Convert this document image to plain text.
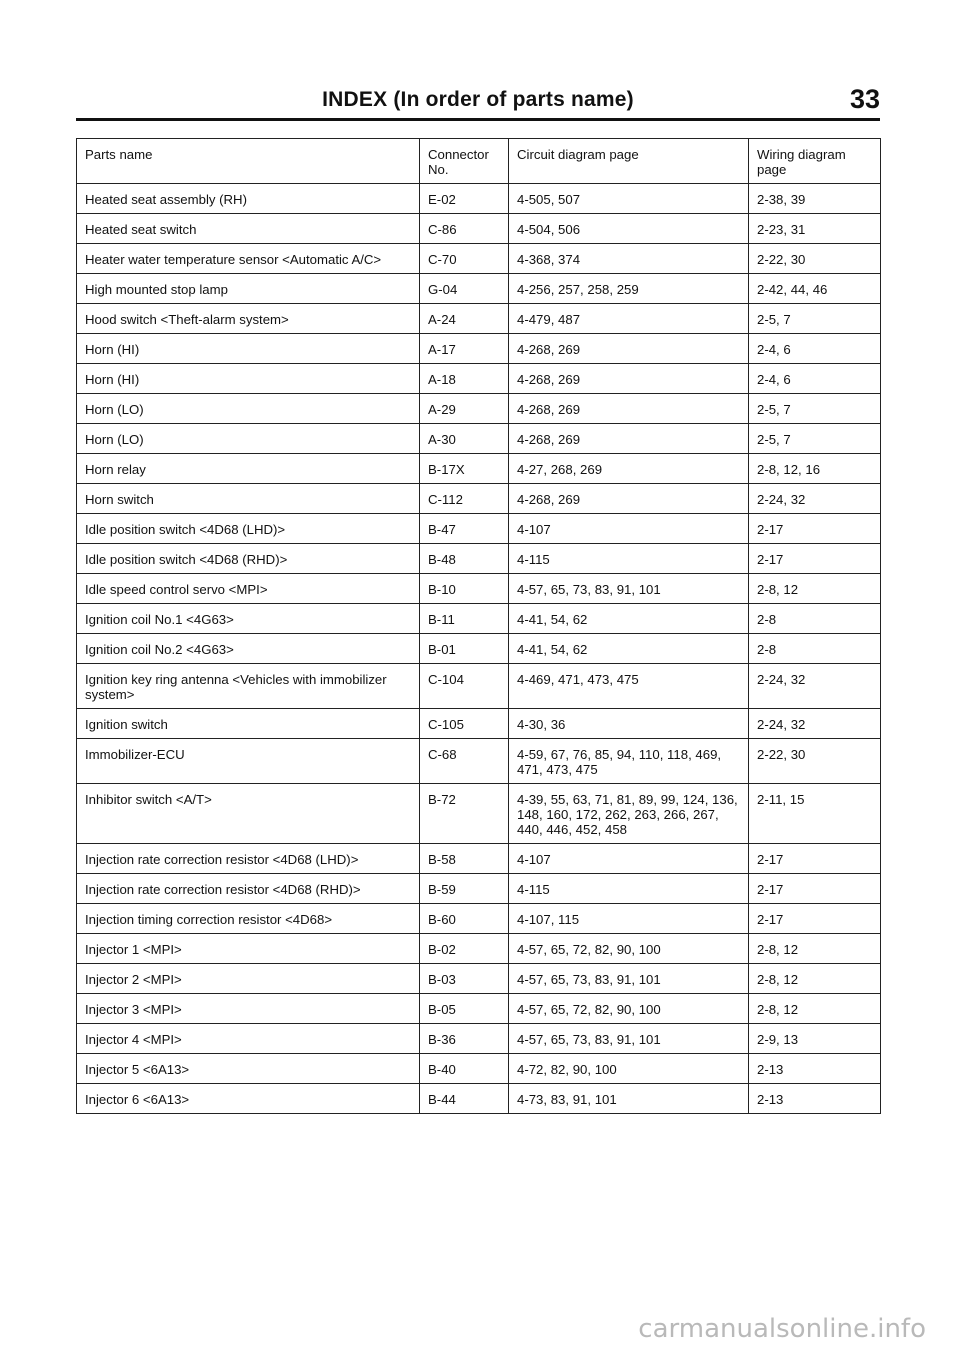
INDEX (In order of parts name)	33
Parts name	Connector No.	Circuit diagram page	Wiring diagram page
Heated seat assembly (RH)	E-02	4-505, 507	2-38, 39
Heated seat switch	C-86	4-504, 506	2-23, 31
Heater water temperature sensor <Automatic A/C>	C-70	4-368, 374	2-22, 30
High mounted stop lamp	G-04	4-256, 257, 258, 259	2-42, 44, 46
Hood switch <Theft-alarm system>	A-24	4-479, 487	2-5, 7
Horn (HI)	A-17	4-268, 269	2-4, 6
Horn (HI)	A-18	4-268, 269	2-4, 6
Horn (LO)	A-29	4-268, 269	2-5, 7
Horn (LO)	A-30	4-268, 269	2-5, 7
Horn relay	B-17X	4-27, 268, 269	2-8, 12, 16
Horn switch	C-112	4-268, 269	2-24, 32
Idle position switch <4D68 (LHD)>	B-47	4-107	2-17
Idle position switch <4D68 (RHD)>	B-48	4-115	2-17
Idle speed control servo <MPI>	B-10	4-57, 65, 73, 83, 91, 101	2-8, 12
Ignition coil No.1 <4G63>	B-11	4-41, 54, 62	2-8
Ignition coil No.2 <4G63>	B-01	4-41, 54, 62	2-8
Ignition key ring antenna <Vehicles with immobilizer system>	C-104	4-469, 471, 473, 475	2-24, 32
Ignition switch	C-105	4-30, 36	2-24, 32
Immobilizer-ECU	C-68	4-59, 67, 76, 85, 94, 110, 118, 469, 471, 473, 475	2-22, 30
Inhibitor switch <A/T>	B-72	4-39, 55, 63, 71, 81, 89, 99, 124, 136, 148, 160, 172, 262, 263, 266, 267, 440, 446, 452, 458	2-11, 15
Injection rate correction resistor <4D68 (LHD)>	B-58	4-107	2-17
Injection rate correction resistor <4D68 (RHD)>	B-59	4-115	2-17
Injection timing correction resistor <4D68>	B-60	4-107, 115	2-17
Injector 1 <MPI>	B-02	4-57, 65, 72, 82, 90, 100	2-8, 12
Injector 2 <MPI>	B-03	4-57, 65, 73, 83, 91, 101	2-8, 12
Injector 3 <MPI>	B-05	4-57, 65, 72, 82, 90, 100	2-8, 12
Injector 4 <MPI>	B-36	4-57, 65, 73, 83, 91, 101	2-9, 13
Injector 5 <6A13>	B-40	4-72, 82, 90, 100	2-13
Injector 6 <6A13>	B-44	4-73, 83, 91, 101	2-13
carmanualsonline.info
